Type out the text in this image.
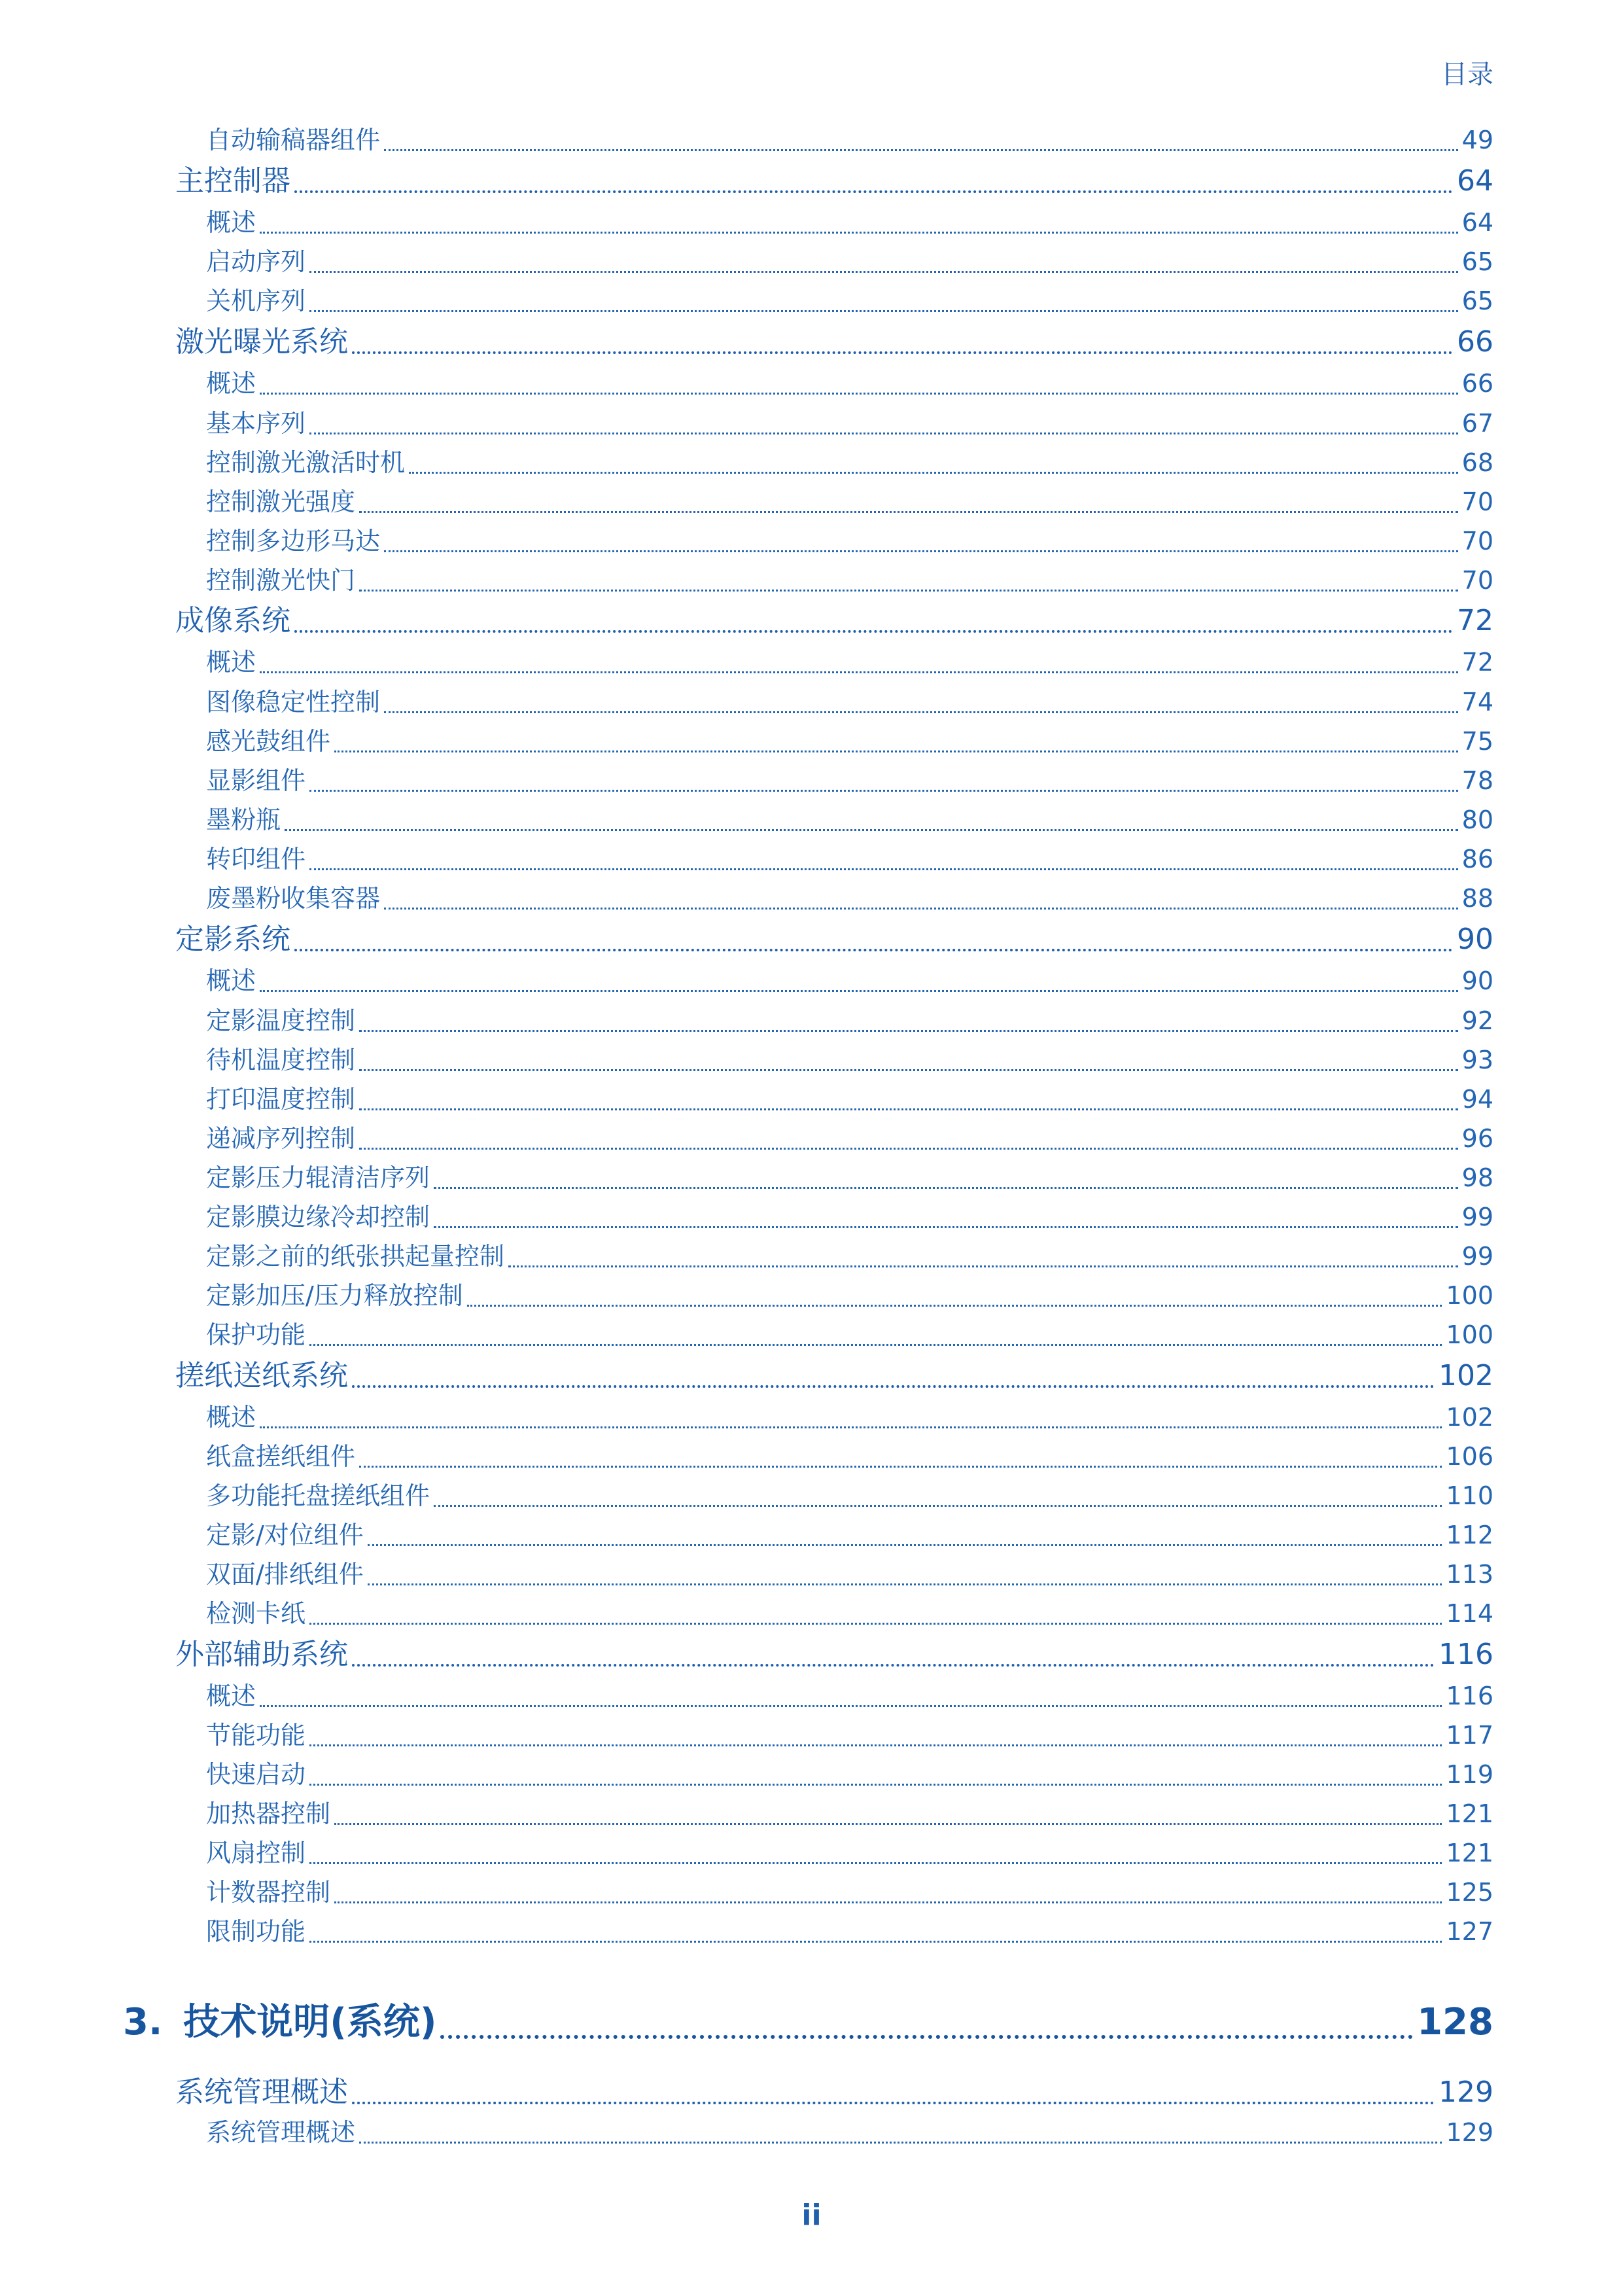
目录
自动输稿器组件	49
主控制器	64
概述	64
启动序列	65
关机序列	65
激光曝光系统	66
概述	66
基本序列	67
控制激光激活时机	68
控制激光强度	70
控制多边形马达	70
控制激光快门	70
成像系统	72
概述	72
图像稳定性控制	74
感光鼓组件	75
显影组件	78
墨粉瓶	80
转印组件	86
废墨粉收集容器	88
定影系统	90
概述	90
定影温度控制	92
待机温度控制	93
打印温度控制	94
递减序列控制	96
定影压力辊清洁序列	98
定影膜边缘冷却控制	99
定影之前的纸张拱起量控制	99
定影加压/压力释放控制	100
保护功能	100
搓纸送纸系统	102
概述	102
纸盒搓纸组件	106
多功能托盘搓纸组件	110
定影/对位组件	112
双面/排纸组件	113
检测卡纸	114
外部辅助系统	116
概述	116
节能功能	117
快速启动	119
加热器控制	121
风扇控制	121
计数器控制	125
限制功能	127
3. 技术说明(系统)	128
系统管理概述	129
系统管理概述	129
ii
